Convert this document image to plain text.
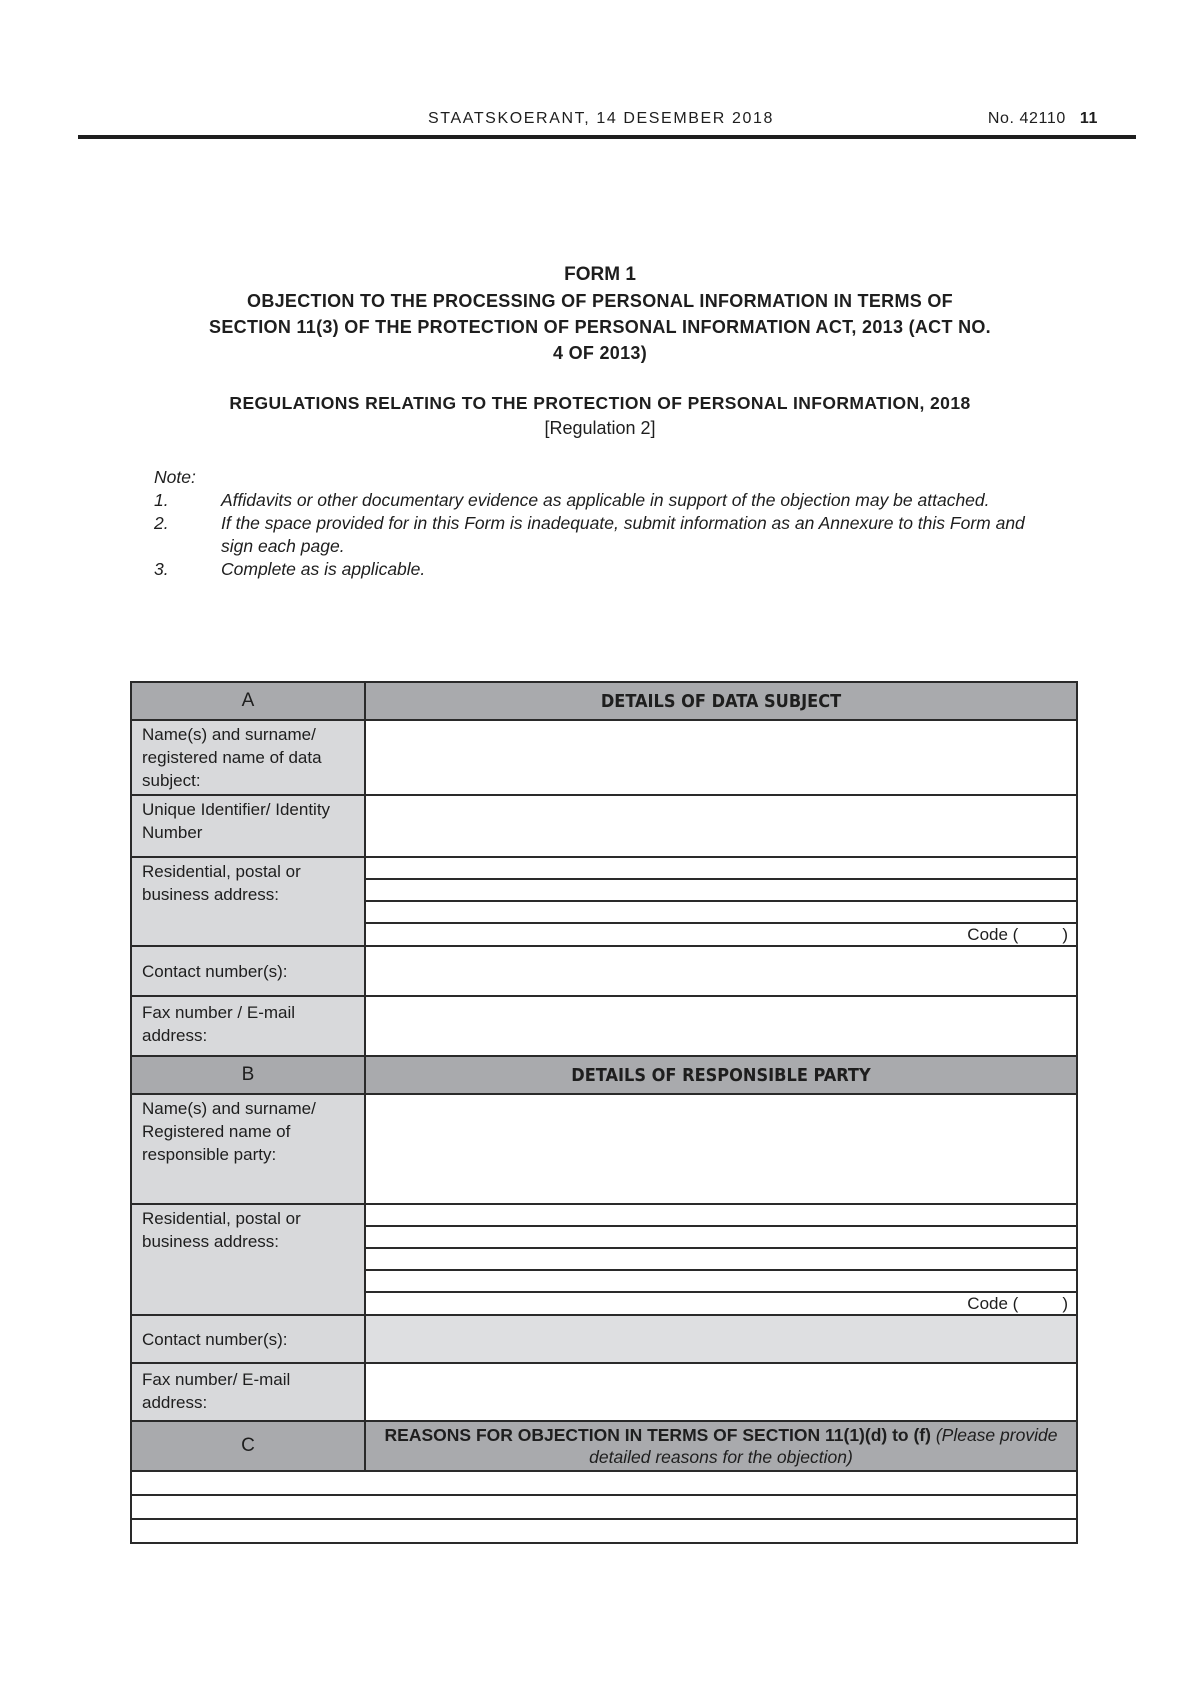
STAATSKOERANT, 14 DESEMBER 2018	No. 42110 11
FORM 1
OBJECTION TO THE PROCESSING OF PERSONAL INFORMATION IN TERMS OF
SECTION 11(3) OF THE PROTECTION OF PERSONAL INFORMATION ACT, 2013 (ACT NO.
4 OF 2013)
REGULATIONS RELATING TO THE PROTECTION OF PERSONAL INFORMATION, 2018
[Regulation 2]
Note:
1.	Affidavits or other documentary evidence as applicable in support of the objection may be attached.
2.	If the space provided for in this Form is inadequate, submit information as an Annexure to this Form and sign each page.
3.	Complete as is applicable.
A	DETAILS OF DATA SUBJECT
Name(s) and surname/ registered name of data subject:	
Unique Identifier/ Identity Number	
Residential, postal or business address:	Code ( )

Contact number(s):	
Fax number / E-mail address:	
B	DETAILS OF RESPONSIBLE PARTY
Name(s) and surname/ Registered name of responsible party:	
Residential, postal or business address:	Code ( )

Contact number(s):	
Fax number/ E-mail address:	
C	REASONS FOR OBJECTION IN TERMS OF SECTION 11(1)(d) to (f) (Please provide detailed reasons for the objection)
